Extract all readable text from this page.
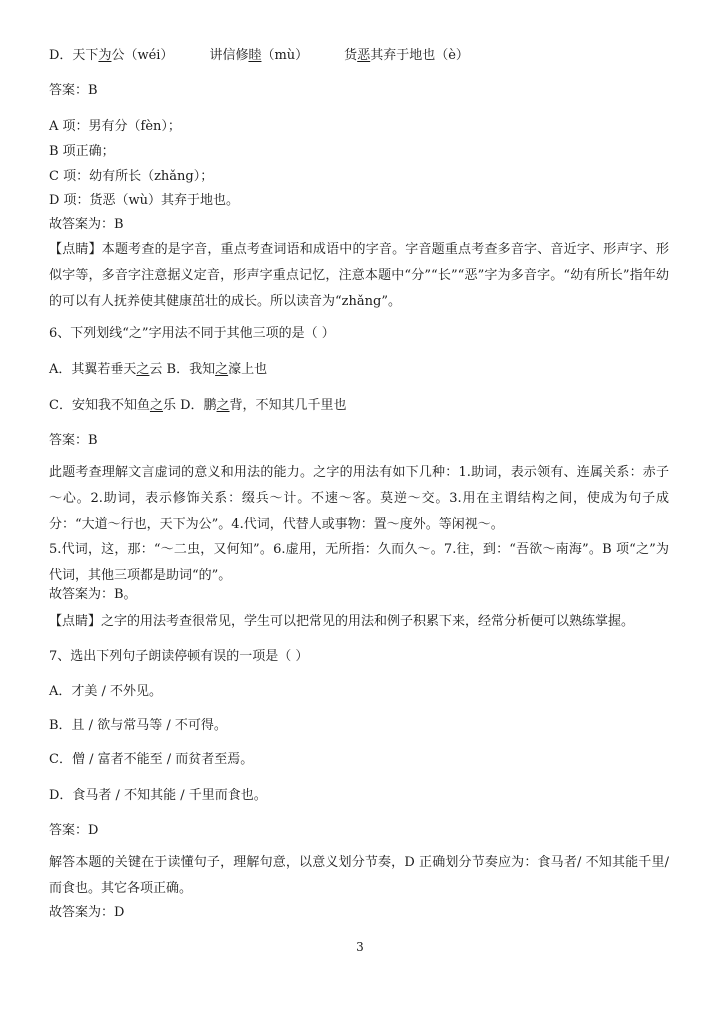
D．天下为公（wéi）	讲信修睦（mù）	货恶其弃于地也（è）
答案：B
A 项：男有分（fèn）；
B 项正确；
C 项：幼有所长（zhǎng）；
D 项：货恶（wù）其弃于地也。
故答案为：B
【点睛】本题考查的是字音，重点考查词语和成语中的字音。字音题重点考查多音字、音近字、形声字、形似字等，多音字注意据义定音，形声字重点记忆，注意本题中“分”“长”“恶”字为多音字。“幼有所长”指年幼的可以有人抚养使其健康茁壮的成长。所以读音为“zhǎng”。
6、下列划线“之”字用法不同于其他三项的是（ ）
A．其翼若垂天之云 B．我知之濠上也
C．安知我不知鱼之乐 D．鹏之背，不知其几千里也
答案：B
此题考查理解文言虚词的意义和用法的能力。之字的用法有如下几种：1.助词，表示领有、连属关系：赤子～心。2.助词，表示修饰关系：缀兵～计。不速～客。莫逆～交。3.用在主谓结构之间，使成为句子成分：“大道～行也，天下为公”。4.代词，代替人或事物：置～度外。等闲视～。
5.代词，这，那：“～二虫，又何知”。6.虚用，无所指：久而久～。7.往，到：“吾欲～南海”。B 项“之”为代词，其他三项都是助词“的”。
故答案为：B。
【点睛】之字的用法考查很常见，学生可以把常见的用法和例子积累下来，经常分析便可以熟练掌握。
7、选出下列句子朗读停顿有误的一项是（ ）
A．才美 / 不外见。
B．且 / 欲与常马等 / 不可得。
C．僧 / 富者不能至 / 而贫者至焉。
D．食马者 / 不知其能 / 千里而食也。
答案：D
解答本题的关键在于读懂句子，理解句意，以意义划分节奏，D 正确划分节奏应为：食马者/ 不知其能千里/ 而食也。其它各项正确。
故答案为：D
3
